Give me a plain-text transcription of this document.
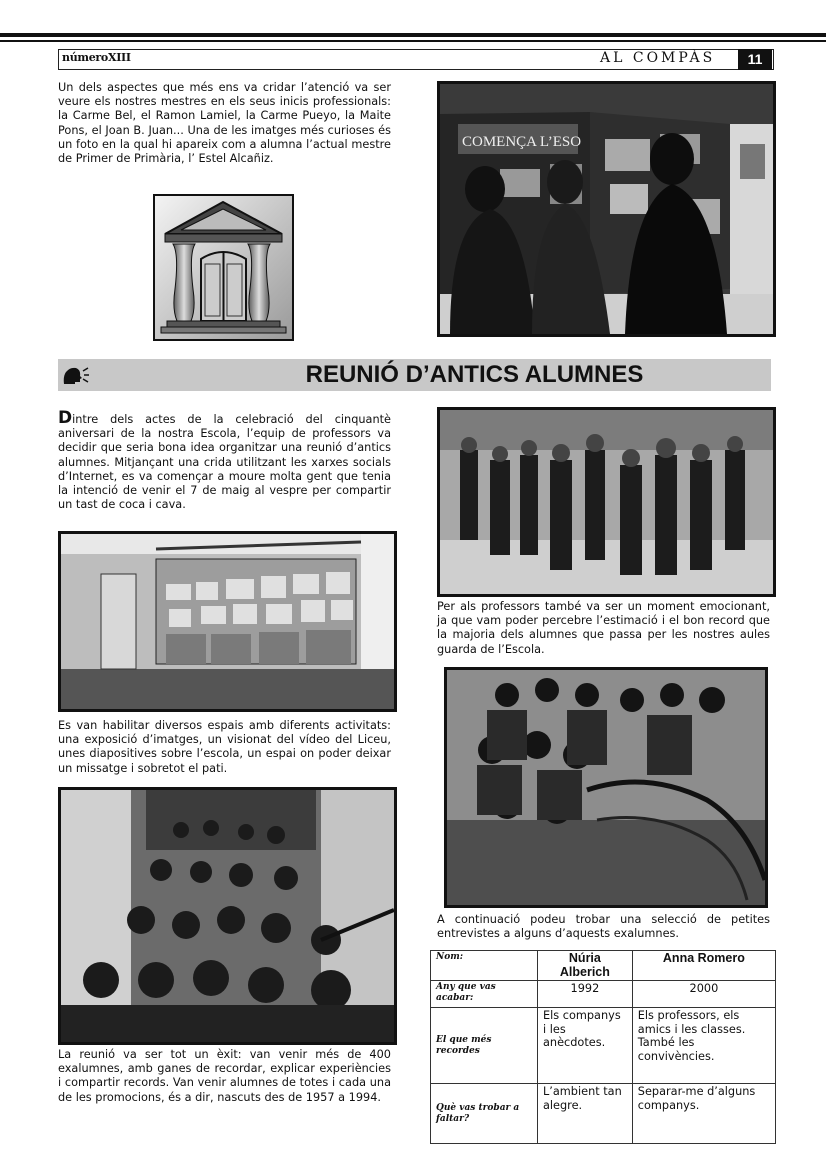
númeroXIII	AL COMPÀS	11
Un dels aspectes que més ens va cridar l’atenció va ser veure els nostres mestres en els seus inicis professionals: la Carme Bel, el Ramon Lamiel, la Carme Pueyo, la Maite Pons, el Joan B. Juan... Una de les imatges més curioses és un foto en la qual hi apareix com a alumna l’actual mestre de Primer de Primària, l’ Estel Alcañiz.
COMENÇA L’ESO
REUNIÓ D’ANTICS ALUMNES
Dintre dels actes de la celebració del cinquantè aniversari de la nostra Escola, l’equip de professors va decidir que seria bona idea organitzar una reunió d’antics alumnes. Mitjançant una crida utilitzant les xarxes socials d’Internet, es va començar a moure molta gent que tenia la intenció de venir el 7 de maig al vespre per compartir un tast de coca i cava.
Es van habilitar diversos espais amb diferents activitats: una exposició d’imatges, un visionat del vídeo del Liceu, unes diapositives sobre l’escola, un espai on poder deixar un missatge i sobretot el pati.
La reunió va ser tot un èxit: van venir més de 400 exalumnes, amb ganes de recordar, explicar experiències i compartir records. Van venir alumnes de totes i cada una de les promocions, és a dir, nascuts des de 1957 a 1994.
Per als professors també va ser un moment emocionant, ja que vam poder percebre l’estimació i el bon record que la majoria dels alumnes que passa per les nostres aules guarda de l’Escola.
A continuació podeu trobar una selecció de petites entrevistes a alguns d’aquests exalumnes.
Nom:	Núria Alberich	Anna Romero
Any que vas acabar:	1992	2000
El que més recordes	Els companys i les anècdotes.	Els professors, els amics i les classes. També les convivències.
Què vas trobar a faltar?	L’ambient tan alegre.	Separar-me d’alguns companys.
